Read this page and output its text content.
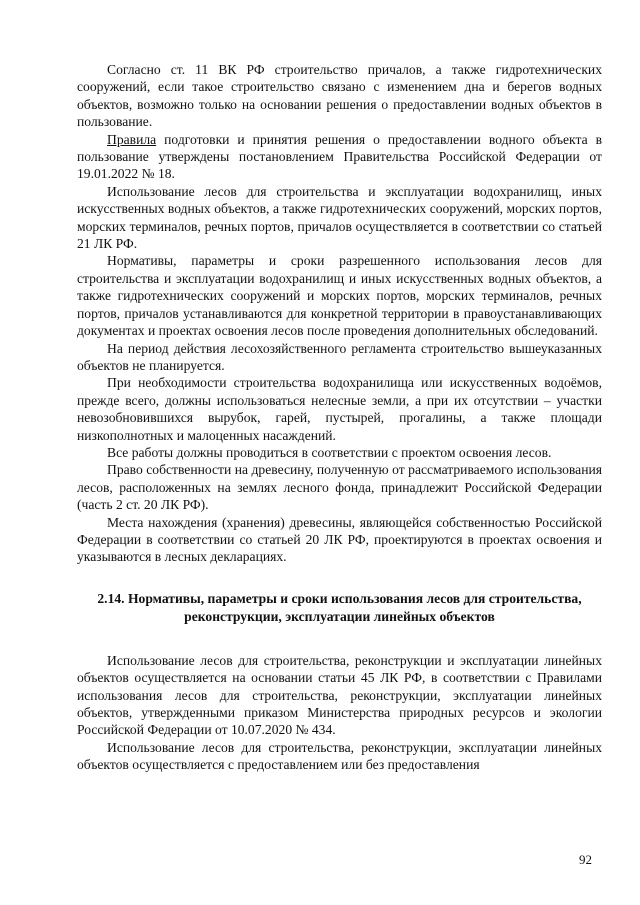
Согласно ст. 11 ВК РФ строительство причалов, а также гидротехнических сооружений, если такое строительство связано с изменением дна и берегов водных объектов, возможно только на основании решения о предоставлении водных объектов в пользование.

Правила подготовки и принятия решения о предоставлении водного объекта в пользование утверждены постановлением Правительства Российской Федерации от 19.01.2022 № 18.

Использование лесов для строительства и эксплуатации водохранилищ, иных искусственных водных объектов, а также гидротехнических сооружений, морских портов, морских терминалов, речных портов, причалов осуществляется в соответствии со статьей 21 ЛК РФ.

Нормативы, параметры и сроки разрешенного использования лесов для строительства и эксплуатации водохранилищ и иных искусственных водных объектов, а также гидротехнических сооружений и морских портов, морских терминалов, речных портов, причалов устанавливаются для конкретной территории в правоустанавливающих документах и проектах освоения лесов после проведения дополнительных обследований.

На период действия лесохозяйственного регламента строительство вышеуказанных объектов не планируется.

При необходимости строительства водохранилища или искусственных водоёмов, прежде всего, должны использоваться нелесные земли, а при их отсутствии – участки невозобновившихся вырубок, гарей, пустырей, прогалины, а также площади низкополнотных и малоценных насаждений.

Все работы должны проводиться в соответствии с проектом освоения лесов.

Право собственности на древесину, полученную от рассматриваемого использования лесов, расположенных на землях лесного фонда, принадлежит Российской Федерации (часть 2 ст. 20 ЛК РФ).

Места нахождения (хранения) древесины, являющейся собственностью Российской Федерации в соответствии со статьей 20 ЛК РФ, проектируются в проектах освоения и указываются в лесных декларациях.

2.14. Нормативы, параметры и сроки использования лесов для строительства, реконструкции, эксплуатации линейных объектов

Использование лесов для строительства, реконструкции и эксплуатации линейных объектов осуществляется на основании статьи 45 ЛК РФ, в соответствии с Правилами использования лесов для строительства, реконструкции, эксплуатации линейных объектов, утвержденными приказом Министерства природных ресурсов и экологии Российской Федерации от 10.07.2020 № 434.

Использование лесов для строительства, реконструкции, эксплуатации линейных объектов осуществляется с предоставлением или без предоставления

92
